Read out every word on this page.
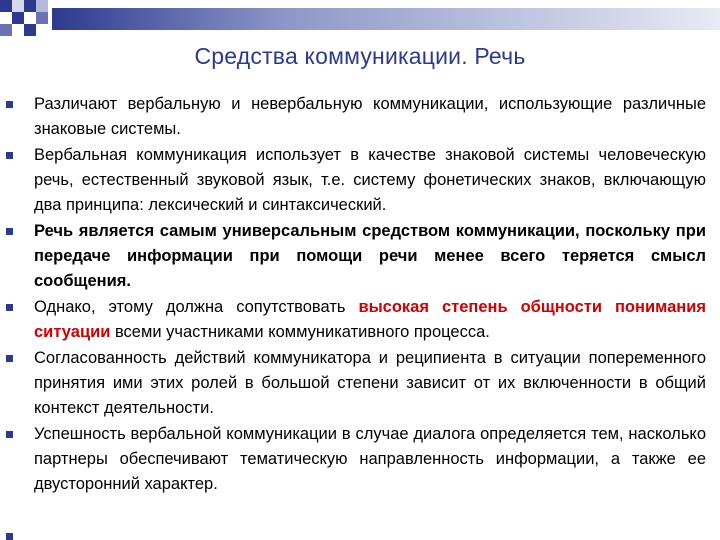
Средства коммуникации. Речь
Различают вербальную и невербальную коммуникации, использующие различные знаковые системы.
Вербальная коммуникация использует в качестве знаковой системы человеческую речь, естественный звуковой язык, т.е. систему фонетических знаков, включающую два принципа: лексический и синтаксический.
Речь является самым универсальным средством коммуникации, поскольку при передаче информации при помощи речи менее всего теряется смысл сообщения.
Однако, этому должна сопутствовать высокая степень общности понимания ситуации всеми участниками коммуникативного процесса.
Согласованность действий коммуникатора и реципиента в ситуации попеременного принятия ими этих ролей в большой степени зависит от их включенности в общий контекст деятельности.
Успешность вербальной коммуникации в случае диалога определяется тем, насколько партнеры обеспечивают тематическую направленность информации, а также ее двусторонний характер.
